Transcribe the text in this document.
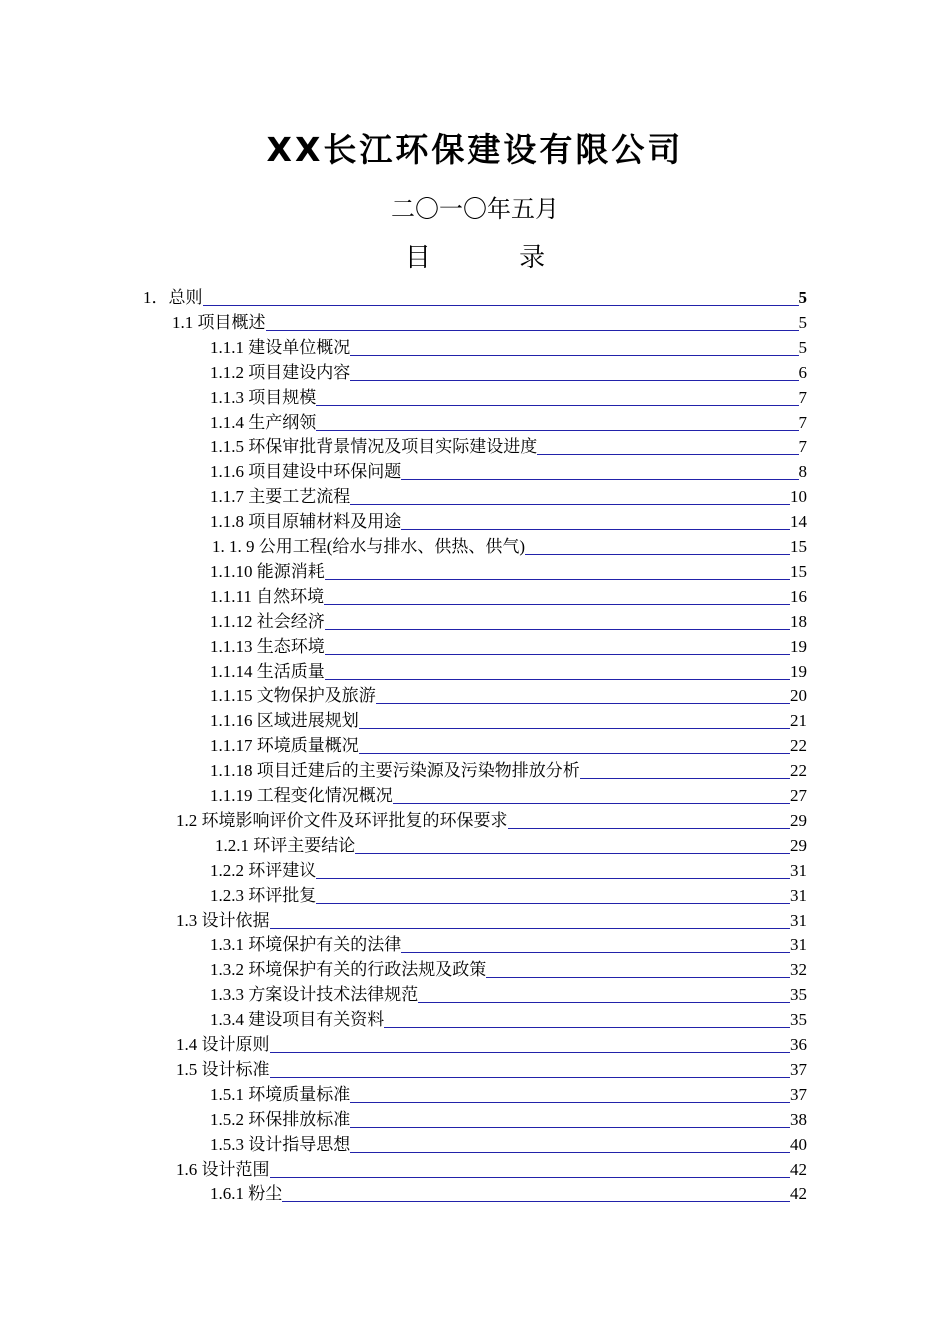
XX长江环保建设有限公司
二〇一〇年五月
目 录
1．总则	5
1.1 项目概述	5
1.1.1 建设单位概况	5
1.1.2 项目建设内容	6
1.1.3 项目规模	7
1.1.4 生产纲领	7
1.1.5 环保审批背景情况及项目实际建设进度	7
1.1.6 项目建设中环保问题	8
1.1.7 主要工艺流程	10
1.1.8 项目原辅材料及用途	14
1. 1. 9 公用工程(给水与排水、供热、供气)	15
1.1.10 能源消耗	15
1.1.11 自然环境	16
1.1.12 社会经济	18
1.1.13 生态环境	19
1.1.14 生活质量	19
1.1.15 文物保护及旅游	20
1.1.16 区域进展规划	21
1.1.17 环境质量概况	22
1.1.18 项目迁建后的主要污染源及污染物排放分析	22
1.1.19 工程变化情况概况	27
1.2 环境影响评价文件及环评批复的环保要求	29
1.2.1 环评主要结论	29
1.2.2 环评建议	31
1.2.3 环评批复	31
1.3 设计依据	31
1.3.1 环境保护有关的法律	31
1.3.2 环境保护有关的行政法规及政策	32
1.3.3 方案设计技术法律规范	35
1.3.4 建设项目有关资料	35
1.4 设计原则	36
1.5 设计标准	37
1.5.1 环境质量标准	37
1.5.2 环保排放标准	38
1.5.3 设计指导思想	40
1.6 设计范围	42
1.6.1 粉尘	42
